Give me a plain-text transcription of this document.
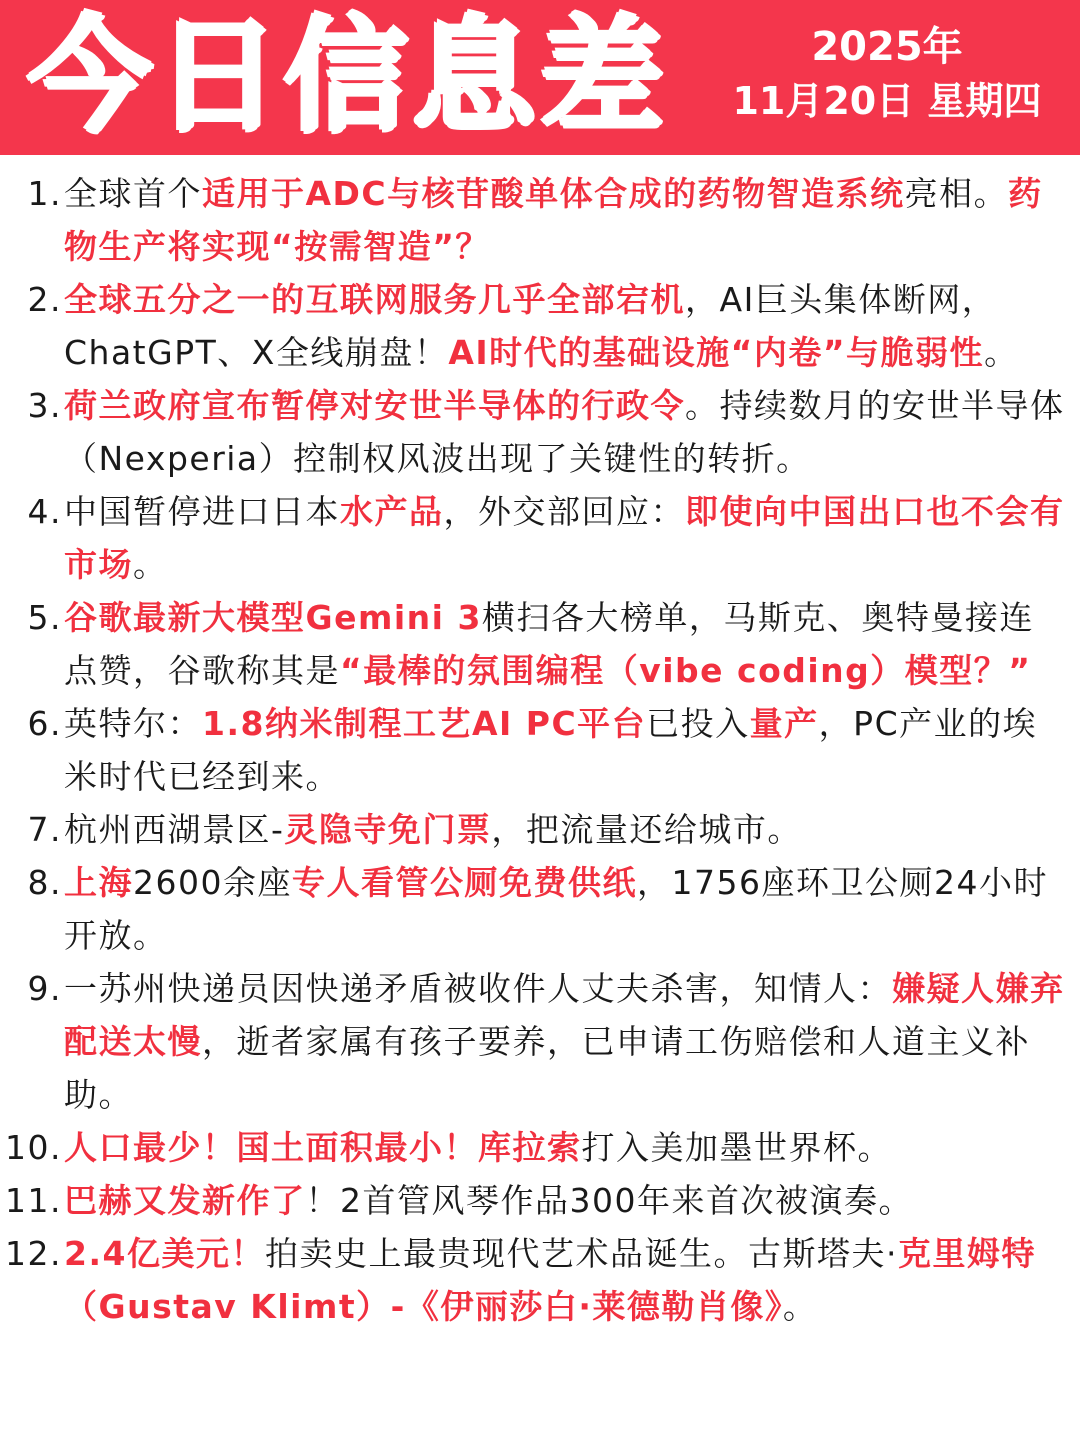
今日信息差	2025年
11月20日 星期四
1. 全球首个适用于ADC与核苷酸单体合成的药物智造系统亮相。药物生产将实现“按需智造”？
2. 全球五分之一的互联网服务几乎全部宕机，AI巨头集体断网，ChatGPT、X全线崩盘！AI时代的基础设施“内卷”与脆弱性。
3. 荷兰政府宣布暂停对安世半导体的行政令。持续数月的安世半导体（Nexperia）控制权风波出现了关键性的转折。
4. 中国暂停进口日本水产品，外交部回应：即使向中国出口也不会有市场。
5. 谷歌最新大模型Gemini 3横扫各大榜单，马斯克、奥特曼接连点赞，谷歌称其是“最棒的氛围编程（vibe coding）模型？”
6. 英特尔：1.8纳米制程工艺AI PC平台已投入量产，PC产业的埃米时代已经到来。
7. 杭州西湖景区-灵隐寺免门票，把流量还给城市。
8. 上海2600余座专人看管公厕免费供纸，1756座环卫公厕24小时开放。
9. 一苏州快递员因快递矛盾被收件人丈夫杀害，知情人：嫌疑人嫌弃配送太慢，逝者家属有孩子要养，已申请工伤赔偿和人道主义补助。
10. 人口最少！国土面积最小！库拉索打入美加墨世界杯。
11. 巴赫又发新作了！2首管风琴作品300年来首次被演奏。
12. 2.4亿美元！拍卖史上最贵现代艺术品诞生。古斯塔夫·克里姆特（Gustav Klimt）-《伊丽莎白·莱德勒肖像》。
